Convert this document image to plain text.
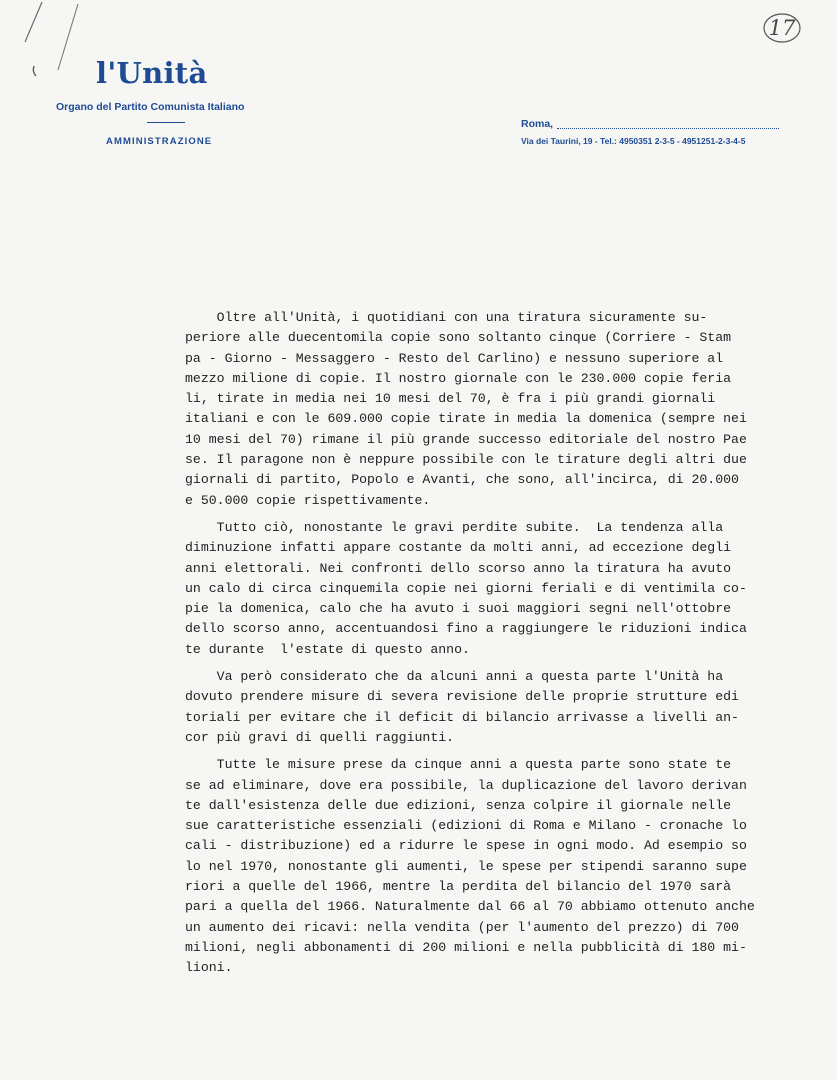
17
l'Unità
Organo del Partito Comunista Italiano
AMMINISTRAZIONE
Roma,
Via dei Taurini, 19 - Tel.: 4950351 2-3-5 - 4951251-2-3-4-5
Oltre all'Unità, i quotidiani con una tiratura sicuramente su-
periore alle duecentomila copie sono soltanto cinque (Corriere - Stam
pa - Giorno - Messaggero - Resto del Carlino) e nessuno superiore al
mezzo milione di copie. Il nostro giornale con le 230.000 copie feria
li, tirate in media nei 10 mesi del 70, è fra i più grandi giornali
italiani e con le 609.000 copie tirate in media la domenica (sempre nei
10 mesi del 70) rimane il più grande successo editoriale del nostro Pae
se. Il paragone non è neppure possibile con le tirature degli altri due
giornali di partito, Popolo e Avanti, che sono, all'incirca, di 20.000
e 50.000 copie rispettivamente.
Tutto ciò, nonostante le gravi perdite subite.  La tendenza alla
diminuzione infatti appare costante da molti anni, ad eccezione degli
anni elettorali. Nei confronti dello scorso anno la tiratura ha avuto
un calo di circa cinquemila copie nei giorni feriali e di ventimila co-
pie la domenica, calo che ha avuto i suoi maggiori segni nell'ottobre
dello scorso anno, accentuandosi fino a raggiungere le riduzioni indica
te durante  l'estate di questo anno.
Va però considerato che da alcuni anni a questa parte l'Unità ha
dovuto prendere misure di severa revisione delle proprie strutture edi
toriali per evitare che il deficit di bilancio arrivasse a livelli an-
cor più gravi di quelli raggiunti.
Tutte le misure prese da cinque anni a questa parte sono state te
se ad eliminare, dove era possibile, la duplicazione del lavoro derivan
te dall'esistenza delle due edizioni, senza colpire il giornale nelle
sue caratteristiche essenziali (edizioni di Roma e Milano - cronache lo
cali - distribuzione) ed a ridurre le spese in ogni modo. Ad esempio so
lo nel 1970, nonostante gli aumenti, le spese per stipendi saranno supe
riori a quelle del 1966, mentre la perdita del bilancio del 1970 sarà
pari a quella del 1966. Naturalmente dal 66 al 70 abbiamo ottenuto anche
un aumento dei ricavi: nella vendita (per l'aumento del prezzo) di 700
milioni, negli abbonamenti di 200 milioni e nella pubblicità di 180 mi-
lioni.
